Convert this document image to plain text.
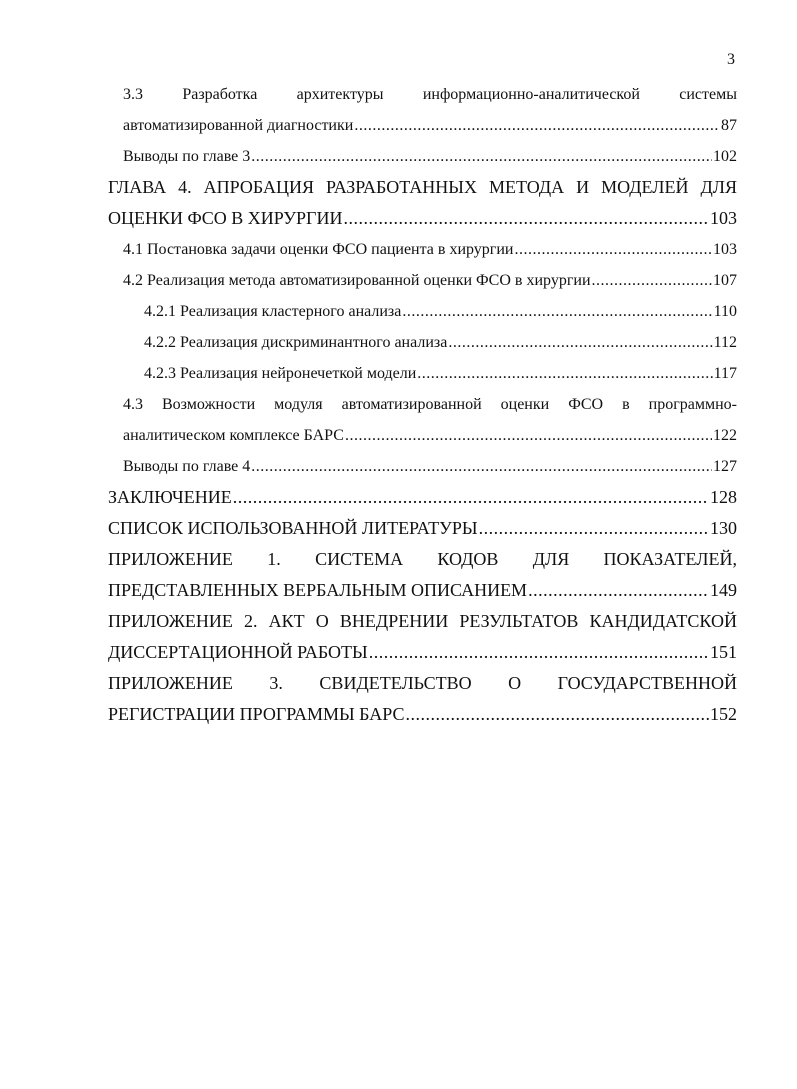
3
3.3 Разработка архитектуры информационно-аналитической системы
автоматизированной диагностики .....	87
Выводы по главе 3 .....	102
ГЛАВА 4. АПРОБАЦИЯ РАЗРАБОТАННЫХ МЕТОДА И МОДЕЛЕЙ ДЛЯ
ОЦЕНКИ ФСО В ХИРУРГИИ .....	103
4.1 Постановка задачи оценки ФСО пациента в хирургии .....	103
4.2 Реализация метода автоматизированной оценки ФСО в хирургии .....	107
4.2.1 Реализация кластерного анализа .....	110
4.2.2 Реализация дискриминантного анализа .....	112
4.2.3 Реализация нейронечеткой модели .....	117
4.3 Возможности модуля автоматизированной оценки ФСО в программно-
аналитическом комплексе БАРС .....	122
Выводы по главе 4 .....	127
ЗАКЛЮЧЕНИЕ .....	128
СПИСОК ИСПОЛЬЗОВАННОЙ ЛИТЕРАТУРЫ .....	130
ПРИЛОЖЕНИЕ 1. СИСТЕМА КОДОВ ДЛЯ ПОКАЗАТЕЛЕЙ,
ПРЕДСТАВЛЕННЫХ ВЕРБАЛЬНЫМ ОПИСАНИЕМ .....	149
ПРИЛОЖЕНИЕ 2. АКТ О ВНЕДРЕНИИ РЕЗУЛЬТАТОВ КАНДИДАТСКОЙ
ДИССЕРТАЦИОННОЙ РАБОТЫ .....	151
ПРИЛОЖЕНИЕ 3. СВИДЕТЕЛЬСТВО О ГОСУДАРСТВЕННОЙ
РЕГИСТРАЦИИ ПРОГРАММЫ БАРС .....	152
